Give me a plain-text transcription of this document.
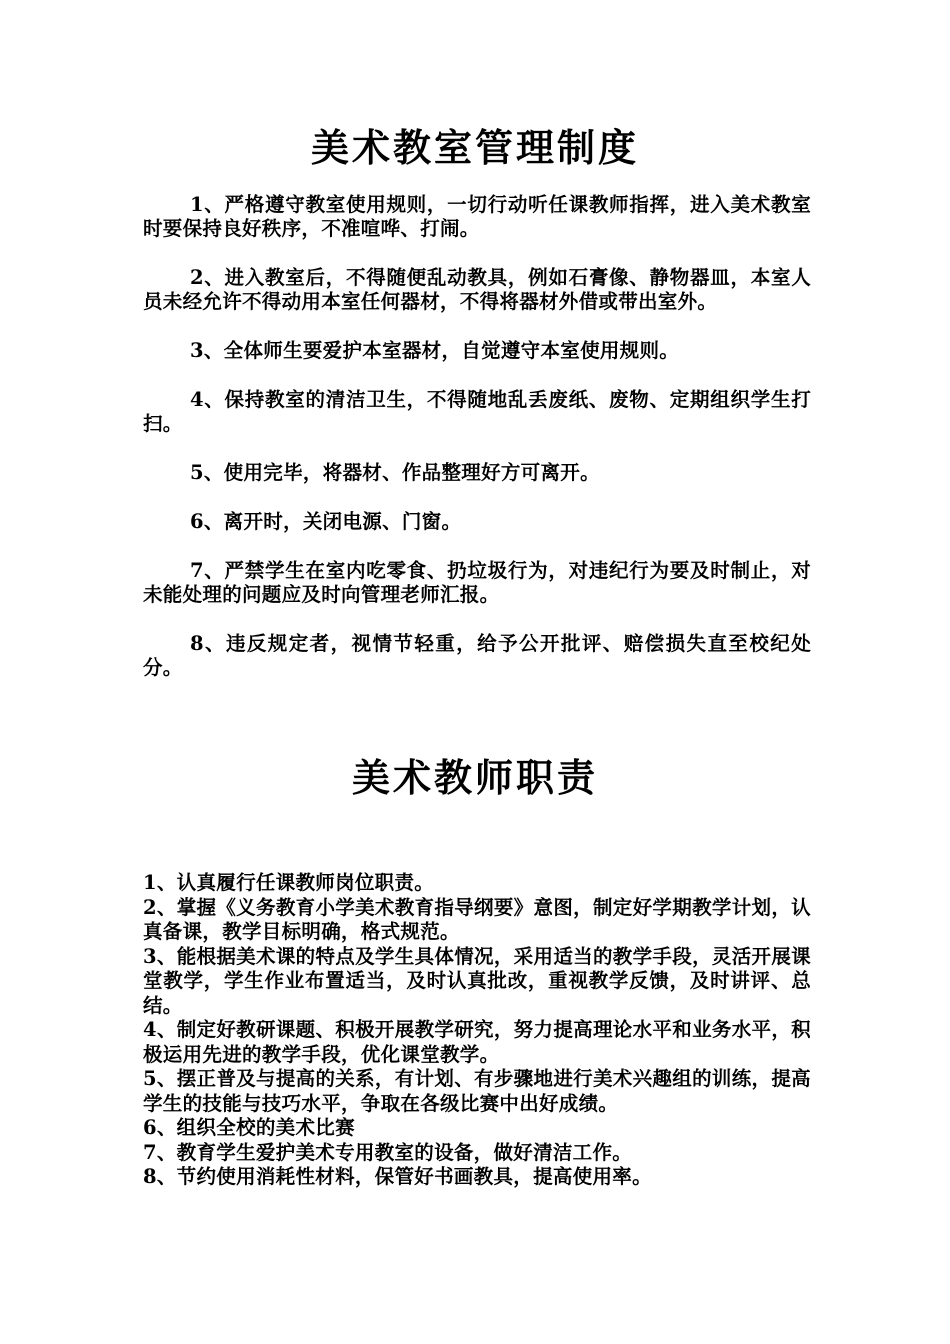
美术教室管理制度

1、严格遵守教室使用规则，一切行动听任课教师指挥，进入美术教室时要保持良好秩序，不准喧哗、打闹。

2、进入教室后，不得随便乱动教具，例如石膏像、静物器皿，本室人员未经允许不得动用本室任何器材，不得将器材外借或带出室外。

3、全体师生要爱护本室器材，自觉遵守本室使用规则。

4、保持教室的清洁卫生，不得随地乱丢废纸、废物、定期组织学生打扫。

5、使用完毕，将器材、作品整理好方可离开。

6、离开时，关闭电源、门窗。

7、严禁学生在室内吃零食、扔垃圾行为，对违纪行为要及时制止，对未能处理的问题应及时向管理老师汇报。

8、违反规定者，视情节轻重，给予公开批评、赔偿损失直至校纪处分。

美术教师职责

1、认真履行任课教师岗位职责。

2、掌握《义务教育小学美术教育指导纲要》意图，制定好学期教学计划，认真备课，教学目标明确，格式规范。

3、能根据美术课的特点及学生具体情况，采用适当的教学手段，灵活开展课堂教学，学生作业布置适当，及时认真批改，重视教学反馈，及时讲评、总结。

4、制定好教研课题、积极开展教学研究，努力提高理论水平和业务水平，积极运用先进的教学手段，优化课堂教学。

5、摆正普及与提高的关系，有计划、有步骤地进行美术兴趣组的训练，提高学生的技能与技巧水平，争取在各级比赛中出好成绩。

6、组织全校的美术比赛

7、教育学生爱护美术专用教室的设备，做好清洁工作。

8、节约使用消耗性材料，保管好书画教具，提高使用率。
